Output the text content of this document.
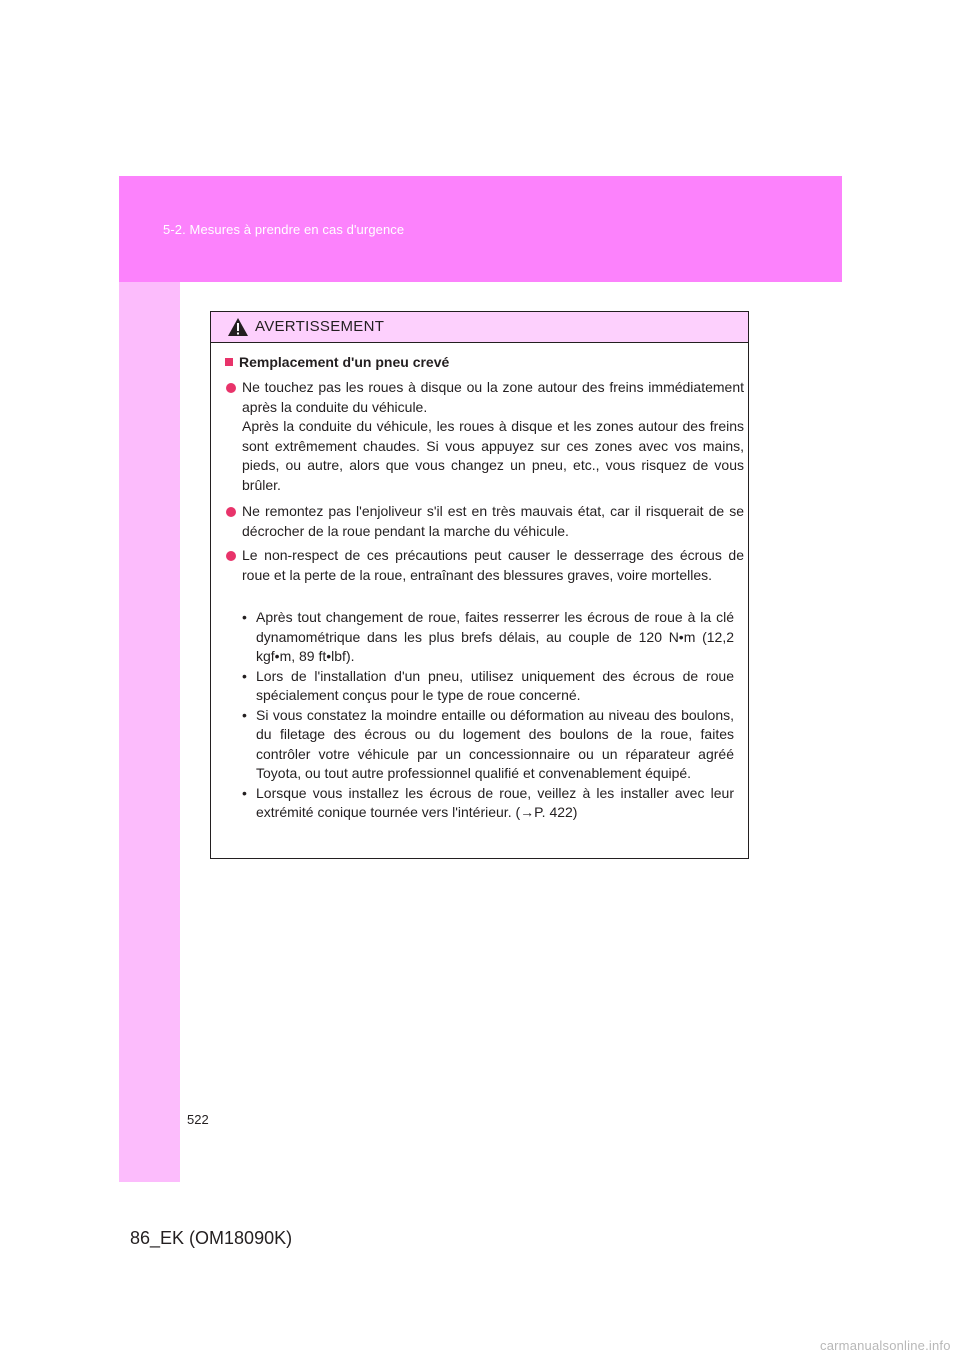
5-2. Mesures à prendre en cas d'urgence
AVERTISSEMENT
Remplacement d'un pneu crevé

Ne touchez pas les roues à disque ou la zone autour des freins immédiatement après la conduite du véhicule.

Après la conduite du véhicule, les roues à disque et les zones autour des freins sont extrêmement chaudes. Si vous appuyez sur ces zones avec vos mains, pieds, ou autre, alors que vous changez un pneu, etc., vous risquez de vous brûler.

Ne remontez pas l'enjoliveur s'il est en très mauvais état, car il risquerait de se décrocher de la roue pendant la marche du véhicule.

Le non-respect de ces précautions peut causer le desserrage des écrous de roue et la perte de la roue, entraînant des blessures graves, voire mortelles.

• Après tout changement de roue, faites resserrer les écrous de roue à la clé dynamométrique dans les plus brefs délais, au couple de 120 N•m (12,2 kgf•m, 89 ft•lbf).

• Lors de l'installation d'un pneu, utilisez uniquement des écrous de roue spécialement conçus pour le type de roue concerné.

• Si vous constatez la moindre entaille ou déformation au niveau des boulons, du filetage des écrous ou du logement des boulons de la roue, faites contrôler votre véhicule par un concessionnaire ou un réparateur agréé Toyota, ou tout autre professionnel qualifié et convenablement équipé.

• Lorsque vous installez les écrous de roue, veillez à les installer avec leur extrémité conique tournée vers l'intérieur. (→P. 422)

522
86_EK (OM18090K)
carmanualsonline.info
